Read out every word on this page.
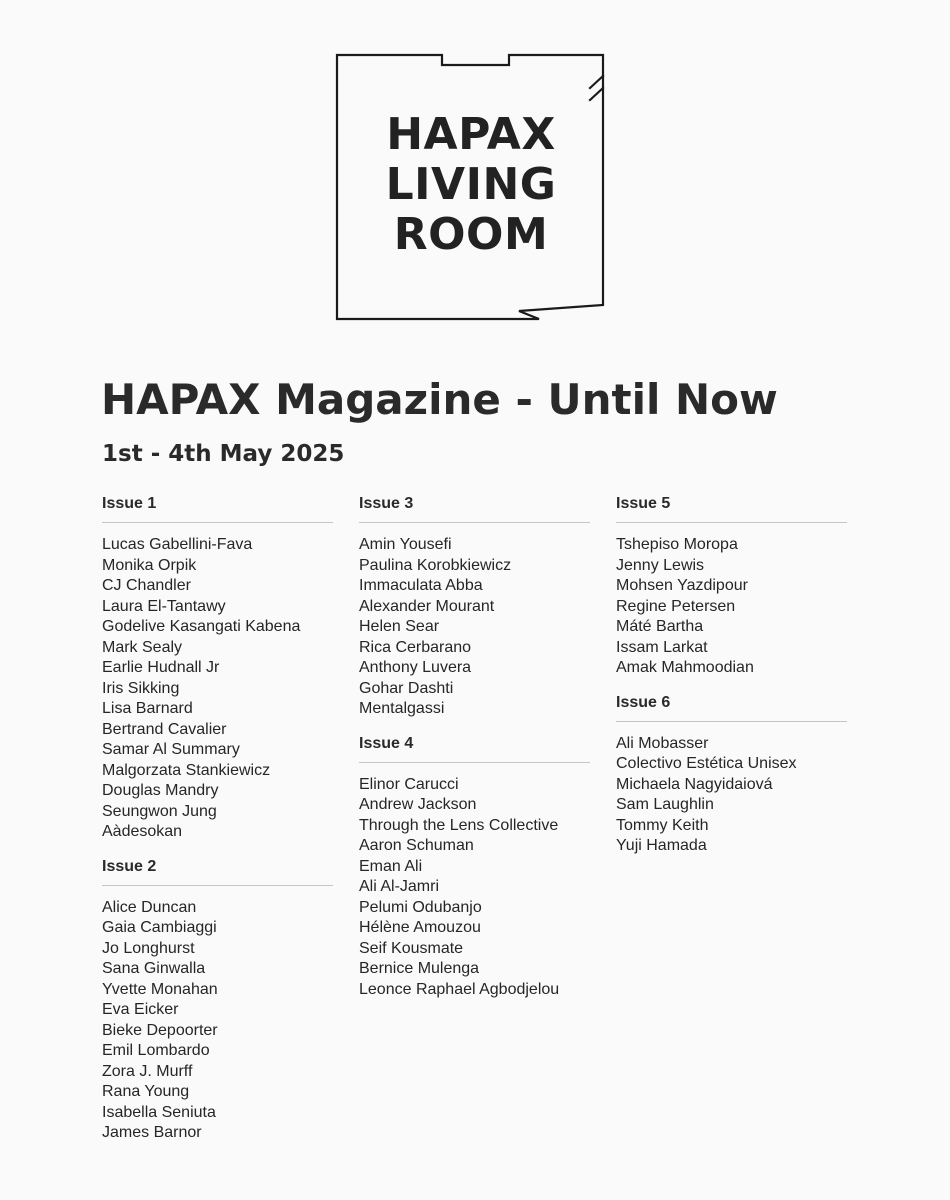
HAPAX
LIVING
ROOM
HAPAX Magazine - Until Now
1st - 4th May 2025
Issue 1
Lucas Gabellini-Fava
Monika Orpik
CJ Chandler
Laura El-Tantawy
Godelive Kasangati Kabena
Mark Sealy
Earlie Hudnall Jr
Iris Sikking
Lisa Barnard
Bertrand Cavalier
Samar Al Summary
Malgorzata Stankiewicz
Douglas Mandry
Seungwon Jung
Aàdesokan
Issue 2
Alice Duncan
Gaia Cambiaggi
Jo Longhurst
Sana Ginwalla
Yvette Monahan
Eva Eicker
Bieke Depoorter
Emil Lombardo
Zora J. Murff
Rana Young
Isabella Seniuta
James Barnor
Issue 3
Amin Yousefi
Paulina Korobkiewicz
Immaculata Abba
Alexander Mourant
Helen Sear
Rica Cerbarano
Anthony Luvera
Gohar Dashti
Mentalgassi
Issue 4
Elinor Carucci
Andrew Jackson
Through the Lens Collective
Aaron Schuman
Eman Ali
Ali Al-Jamri
Pelumi Odubanjo
Hélène Amouzou
Seif Kousmate
Bernice Mulenga
Leonce Raphael Agbodjelou
Issue 5
Tshepiso Moropa
Jenny Lewis
Mohsen Yazdipour
Regine Petersen
Máté Bartha
Issam Larkat
Amak Mahmoodian
Issue 6
Ali Mobasser
Colectivo Estética Unisex
Michaela Nagyidaiová
Sam Laughlin
Tommy Keith
Yuji Hamada
